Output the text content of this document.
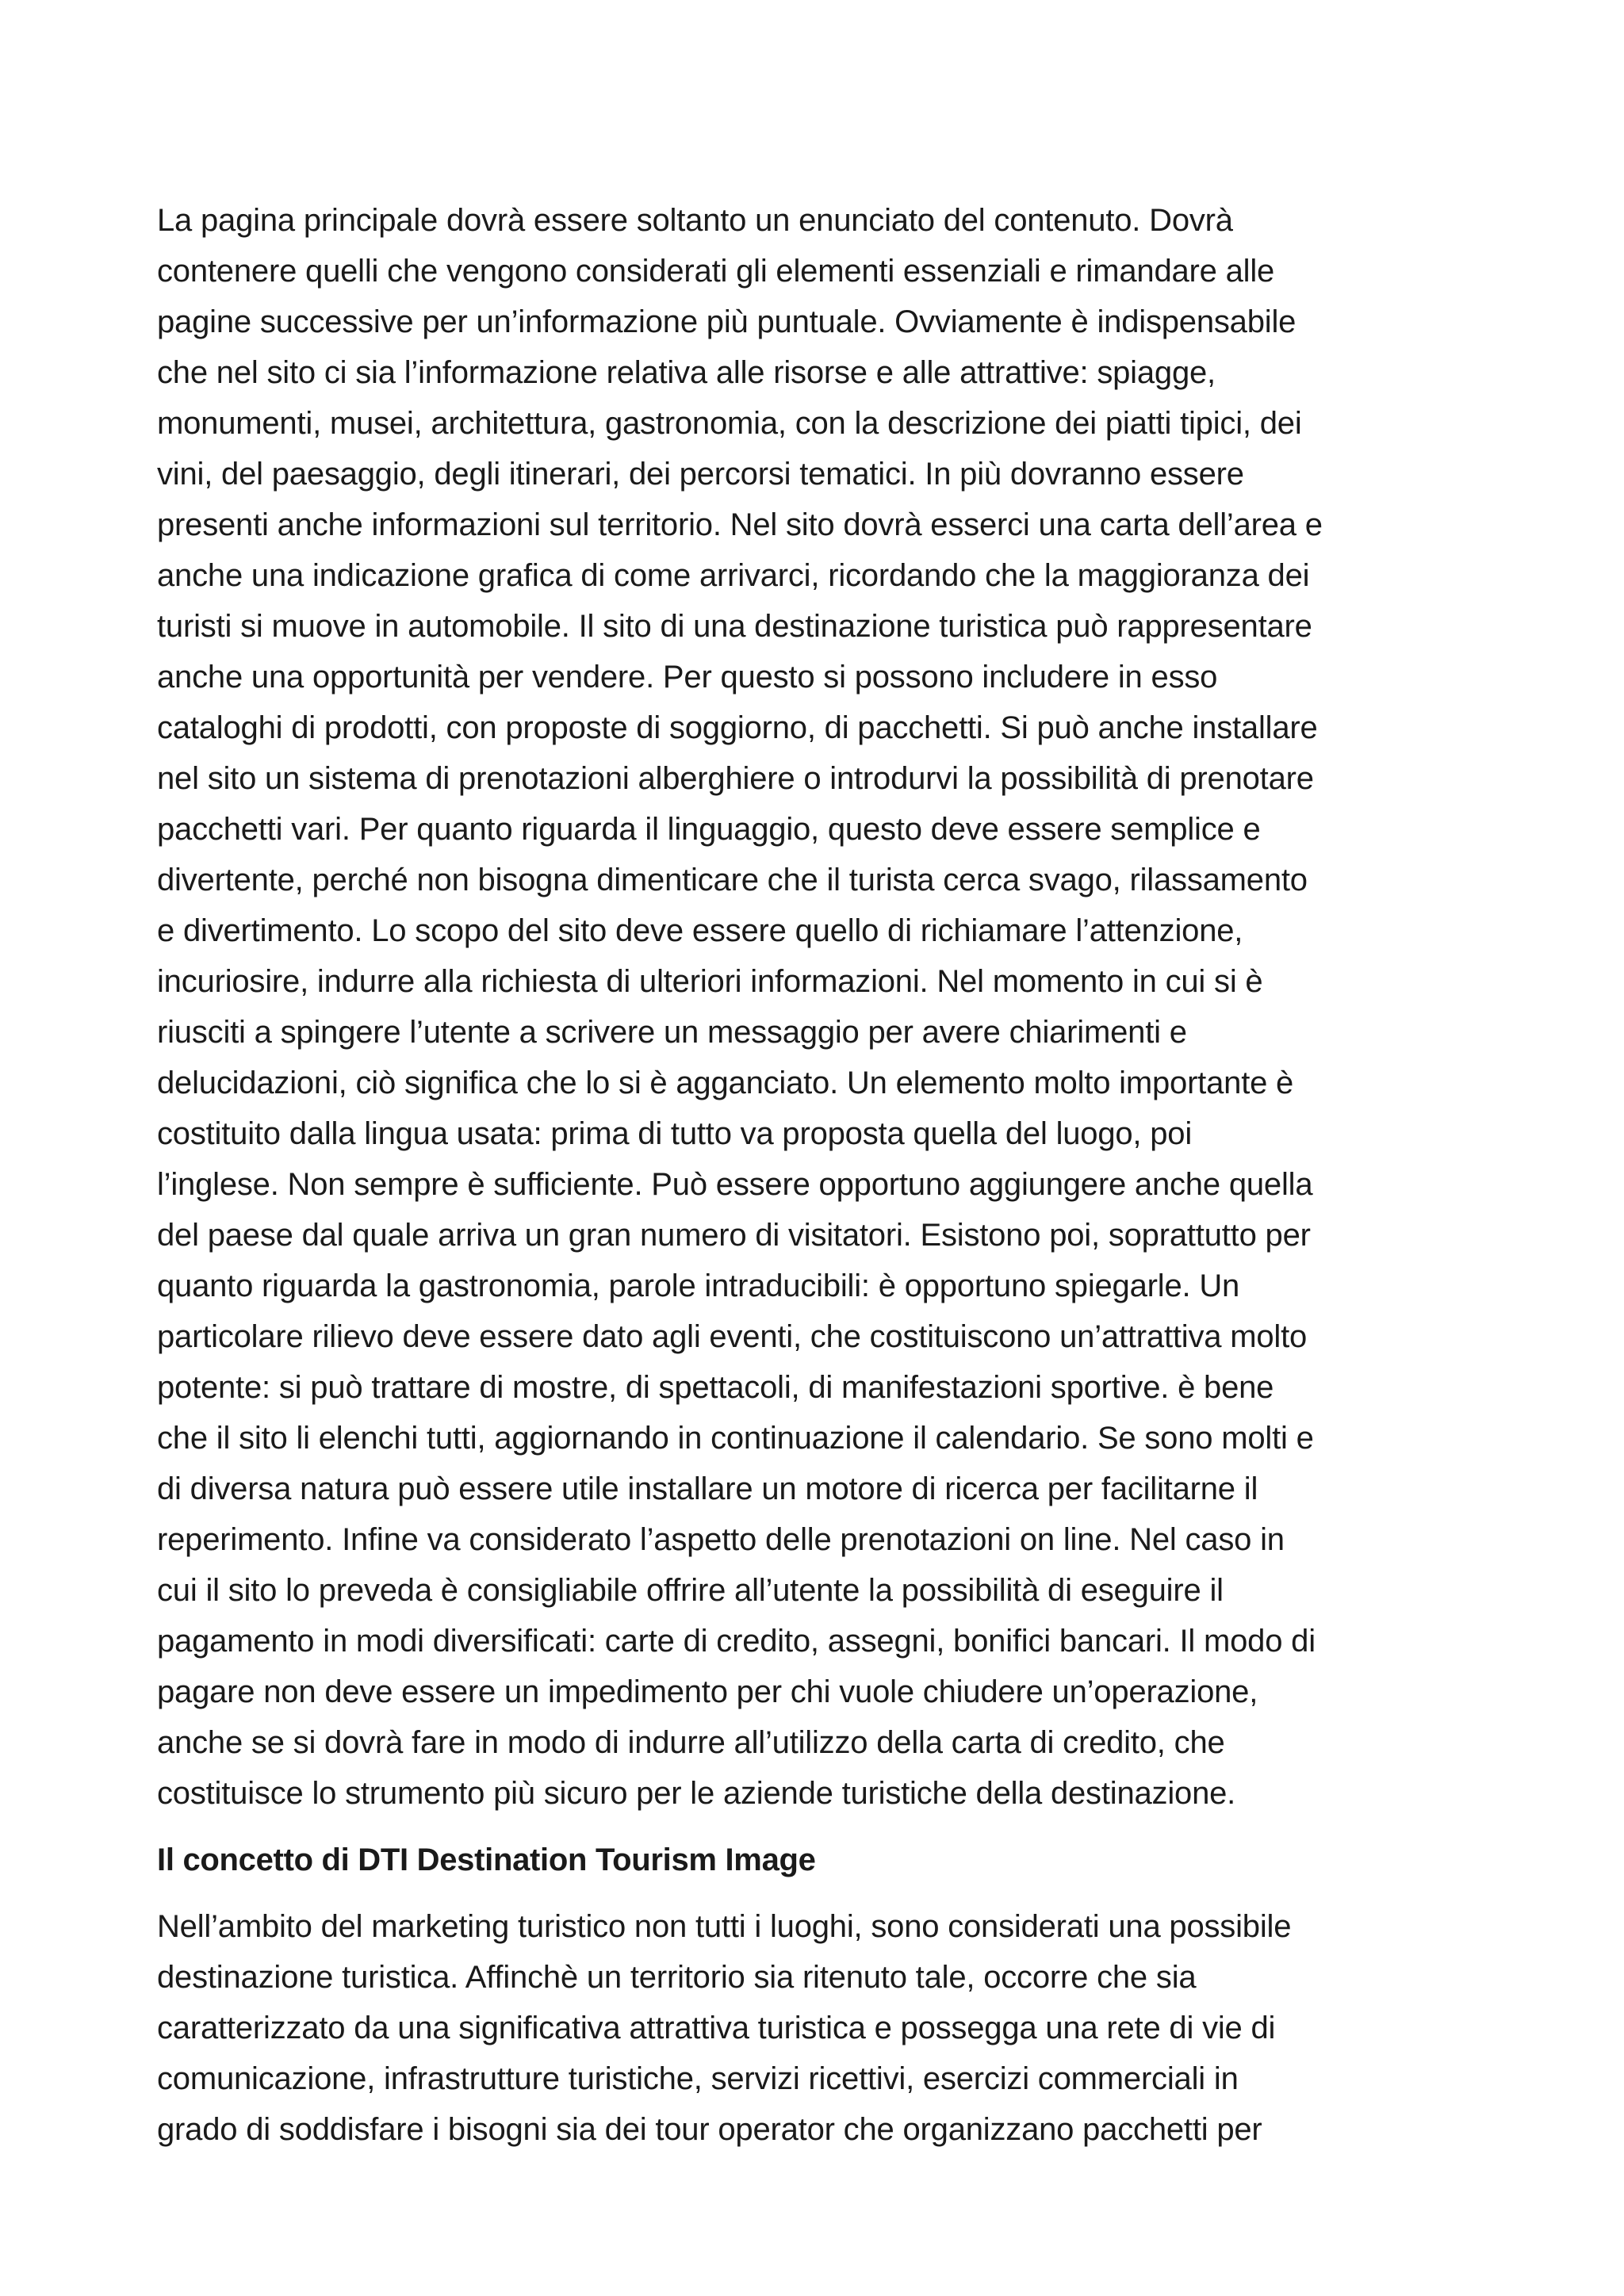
La pagina principale dovrà essere soltanto un enunciato del contenuto. Dovrà
contenere quelli che vengono considerati gli elementi essenziali e rimandare alle
pagine successive per un’informazione più puntuale. Ovviamente è indispensabile
che nel sito ci sia l’informazione relativa alle risorse e alle attrattive: spiagge,
monumenti, musei, architettura, gastronomia, con la descrizione dei piatti tipici, dei
vini, del paesaggio, degli itinerari, dei percorsi tematici. In più dovranno essere
presenti anche informazioni sul territorio. Nel sito dovrà esserci una carta dell’area e
anche una indicazione grafica di come arrivarci, ricordando che la maggioranza dei
turisti si muove in automobile. Il sito di una destinazione turistica può rappresentare
anche una opportunità per vendere. Per questo si possono includere in esso
cataloghi di prodotti, con proposte di soggiorno, di pacchetti. Si può anche installare
nel sito un sistema di prenotazioni alberghiere o introdurvi la possibilità di prenotare
pacchetti vari. Per quanto riguarda il linguaggio, questo deve essere semplice e
divertente, perché non bisogna dimenticare che il turista cerca svago, rilassamento
e divertimento. Lo scopo del sito deve essere quello di richiamare l’attenzione,
incuriosire, indurre alla richiesta di ulteriori informazioni. Nel momento in cui si è
riusciti a spingere l’utente a scrivere un messaggio per avere chiarimenti e
delucidazioni, ciò significa che lo si è agganciato. Un elemento molto importante è
costituito dalla lingua usata: prima di tutto va proposta quella del luogo, poi
l’inglese. Non sempre è sufficiente. Può essere opportuno aggiungere anche quella
del paese dal quale arriva un gran numero di visitatori. Esistono poi, soprattutto per
quanto riguarda la gastronomia, parole intraducibili: è opportuno spiegarle. Un
particolare rilievo deve essere dato agli eventi, che costituiscono un’attrattiva molto
potente: si può trattare di mostre, di spettacoli, di manifestazioni sportive. è bene
che il sito li elenchi tutti, aggiornando in continuazione il calendario. Se sono molti e
di diversa natura può essere utile installare un motore di ricerca per facilitarne il
reperimento. Infine va considerato l’aspetto delle prenotazioni on line. Nel caso in
cui il sito lo preveda è consigliabile offrire all’utente la possibilità di eseguire il
pagamento in modi diversificati: carte di credito, assegni, bonifici bancari. Il modo di
pagare non deve essere un impedimento per chi vuole chiudere un’operazione,
anche se si dovrà fare in modo di indurre all’utilizzo della carta di credito, che
costituisce lo strumento più sicuro per le aziende turistiche della destinazione.

Il concetto di DTI Destination Tourism Image

Nell’ambito del marketing turistico non tutti i luoghi, sono considerati una possibile
destinazione turistica. Affinchè un territorio sia ritenuto tale, occorre che sia
caratterizzato da una significativa attrattiva turistica e possegga una rete di vie di
comunicazione, infrastrutture turistiche, servizi ricettivi, esercizi commerciali in
grado di soddisfare i bisogni sia dei tour operator che organizzano pacchetti per
